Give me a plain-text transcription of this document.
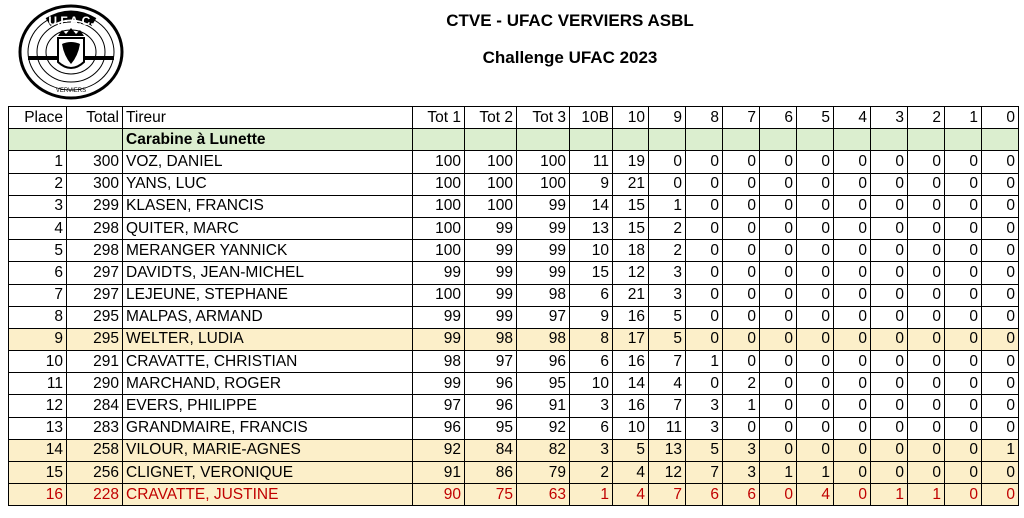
U.F.A.C.
VERVIERS
CTVE - UFAC VERVIERS ASBL
Challenge UFAC 2023
Place	Total	Tireur	Tot 1	Tot 2	Tot 3	10B	10	9	8	7	6	5	4	3	2	1	0
		Carabine à Lunette															
1	300	VOZ, DANIEL	100	100	100	11	19	0	0	0	0	0	0	0	0	0	0
2	300	YANS, LUC	100	100	100	9	21	0	0	0	0	0	0	0	0	0	0
3	299	KLASEN, FRANCIS	100	100	99	14	15	1	0	0	0	0	0	0	0	0	0
4	298	QUITER, MARC	100	99	99	13	15	2	0	0	0	0	0	0	0	0	0
5	298	MERANGER YANNICK	100	99	99	10	18	2	0	0	0	0	0	0	0	0	0
6	297	DAVIDTS, JEAN-MICHEL	99	99	99	15	12	3	0	0	0	0	0	0	0	0	0
7	297	LEJEUNE, STEPHANE	100	99	98	6	21	3	0	0	0	0	0	0	0	0	0
8	295	MALPAS, ARMAND	99	99	97	9	16	5	0	0	0	0	0	0	0	0	0
9	295	WELTER, LUDIA	99	98	98	8	17	5	0	0	0	0	0	0	0	0	0
10	291	CRAVATTE, CHRISTIAN	98	97	96	6	16	7	1	0	0	0	0	0	0	0	0
11	290	MARCHAND, ROGER	99	96	95	10	14	4	0	2	0	0	0	0	0	0	0
12	284	EVERS, PHILIPPE	97	96	91	3	16	7	3	1	0	0	0	0	0	0	0
13	283	GRANDMAIRE, FRANCIS	96	95	92	6	10	11	3	0	0	0	0	0	0	0	0
14	258	VILOUR, MARIE-AGNES	92	84	82	3	5	13	5	3	0	0	0	0	0	0	1
15	256	CLIGNET, VERONIQUE	91	86	79	2	4	12	7	3	1	1	0	0	0	0	0
16	228	CRAVATTE, JUSTINE	90	75	63	1	4	7	6	6	0	4	0	1	1	0	0
